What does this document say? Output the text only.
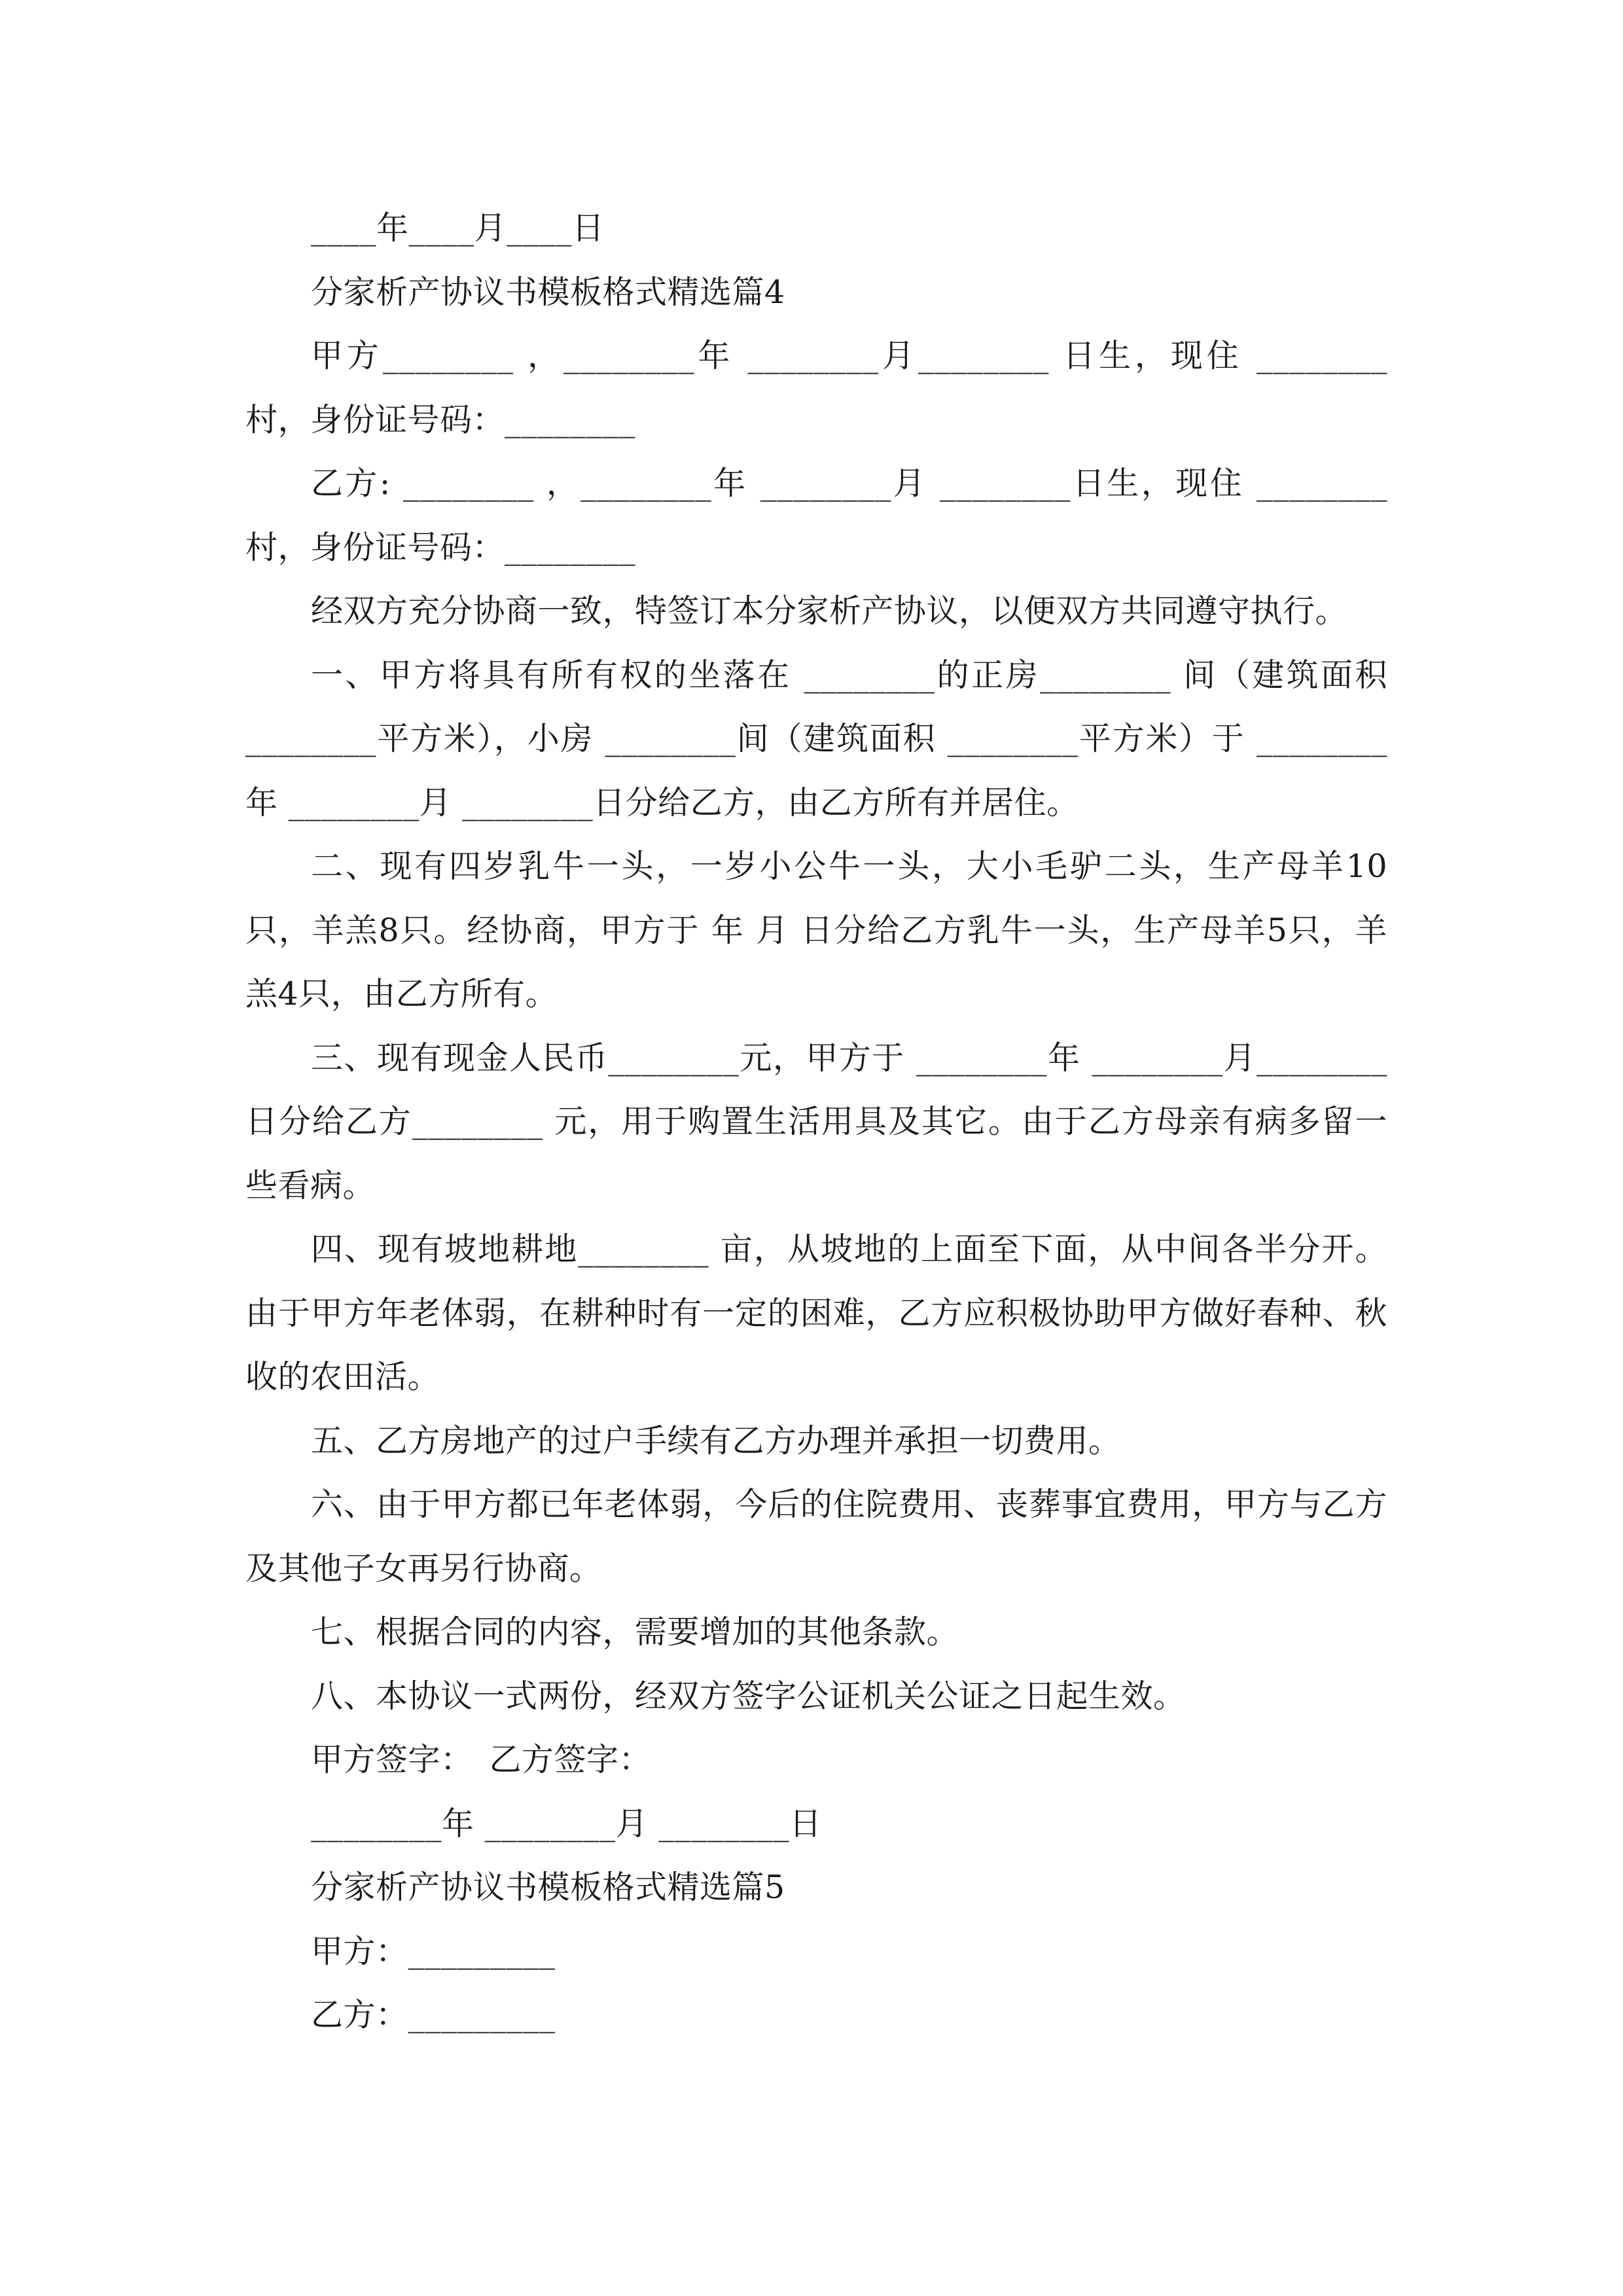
____年____月____日

分家析产协议书模板格式精选篇4

甲方________ ，________年 ________月________ 日生，现住 ________村，身份证号码：________

乙方: ________ ，________年 ________月 ________日生，现住 ________村，身份证号码：________

经双方充分协商一致，特签订本分家析产协议，以便双方共同遵守执行。

一、甲方将具有所有权的坐落在 ________的正房________ 间（建筑面积 ________平方米），小房 ________间（建筑面积 ________平方米）于 ________年 ________月 ________日分给乙方，由乙方所有并居住。

二、现有四岁乳牛一头，一岁小公牛一头，大小毛驴二头，生产母羊10只，羊羔8只。经协商，甲方于 年 月 日分给乙方乳牛一头，生产母羊5只，羊羔4只，由乙方所有。

三、现有现金人民币________元，甲方于 ________年 ________月________日分给乙方________ 元，用于购置生活用具及其它。由于乙方母亲有病多留一些看病。

四、现有坡地耕地________ 亩，从坡地的上面至下面，从中间各半分开。由于甲方年老体弱，在耕种时有一定的困难，乙方应积极协助甲方做好春种、秋收的农田活。

五、乙方房地产的过户手续有乙方办理并承担一切费用。

六、由于甲方都已年老体弱，今后的住院费用、丧葬事宜费用，甲方与乙方及其他子女再另行协商。

七、根据合同的内容，需要增加的其他条款。

八、本协议一式两份，经双方签字公证机关公证之日起生效。

甲方签字：　乙方签字：

________年 ________月 ________日

分家析产协议书模板格式精选篇5

甲方：_________

乙方：_________
